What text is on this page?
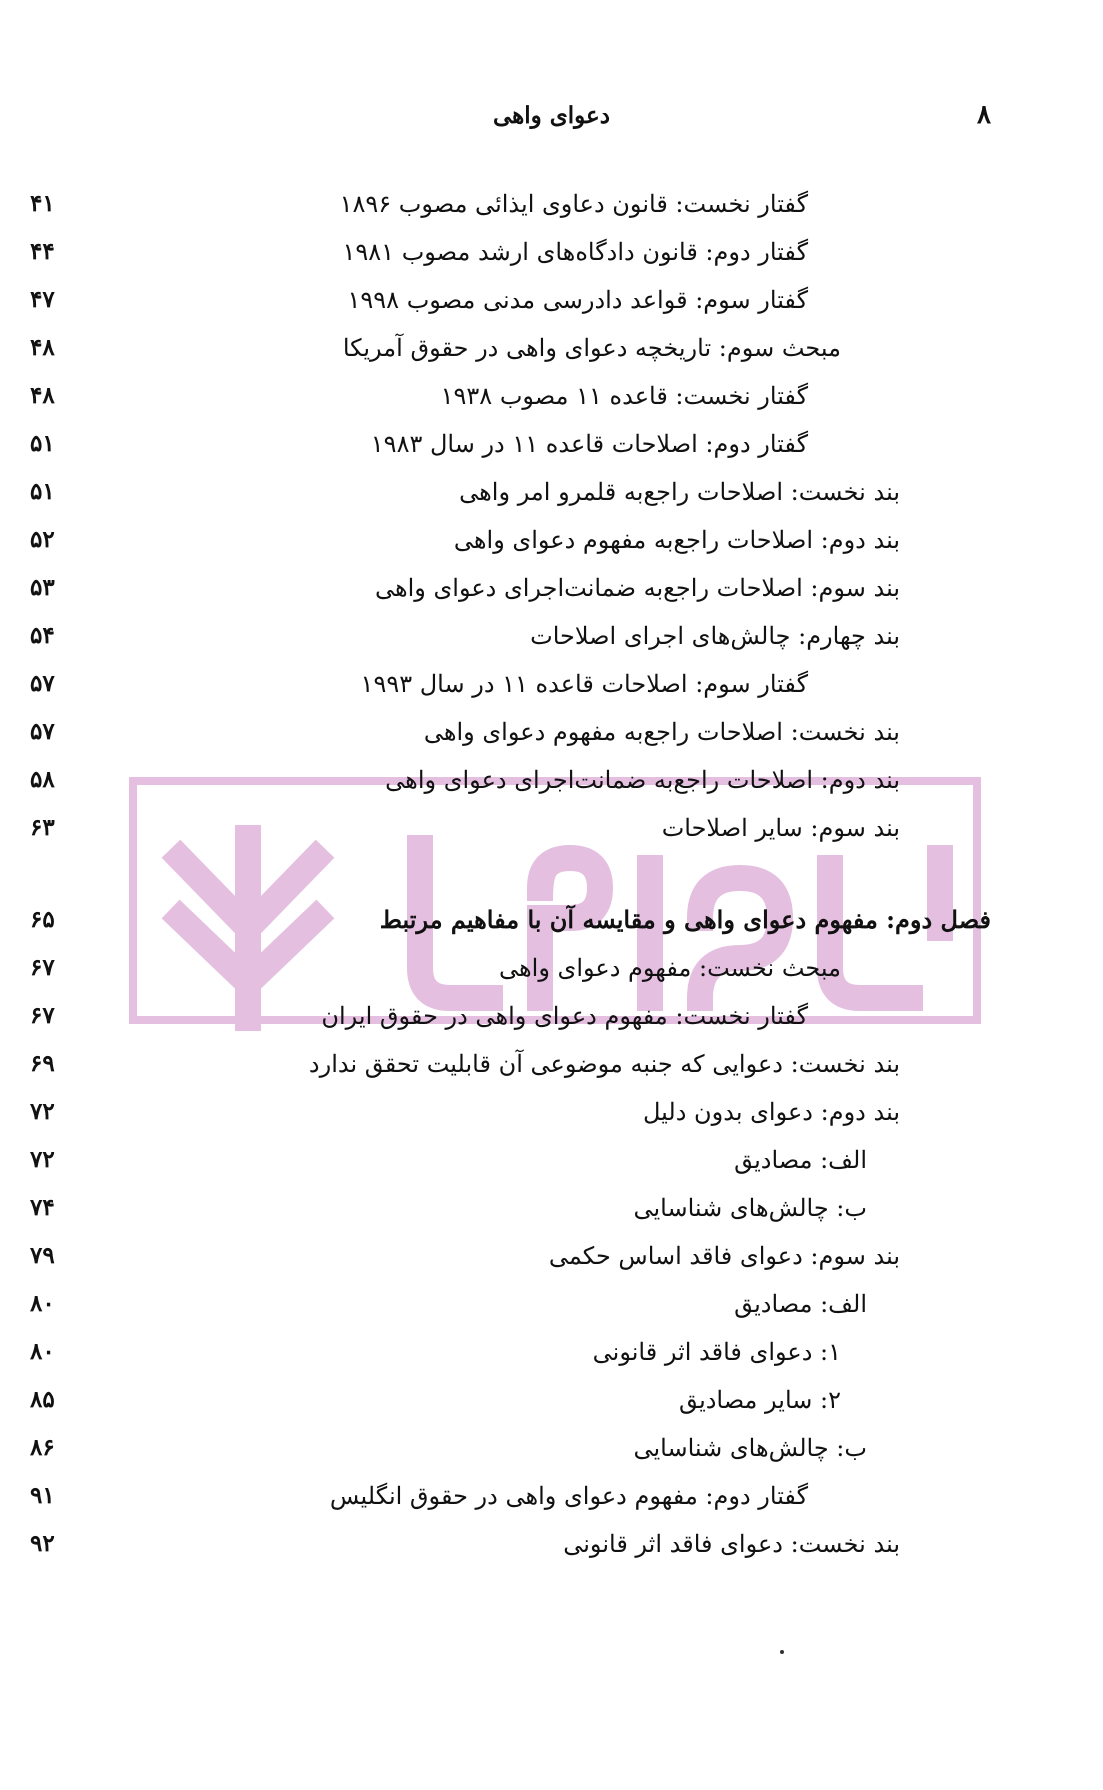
دعوای واهی	۸
گفتار نخست: قانون دعاوی ایذائی مصوب ۱۸۹۶
۴۱
گفتار دوم: قانون دادگاه‌های ارشد مصوب ۱۹۸۱
۴۴
گفتار سوم: قواعد دادرسی مدنی مصوب ۱۹۹۸
۴۷
مبحث سوم: تاریخچه دعوای واهی در حقوق آمریکا
۴۸
گفتار نخست: قاعده ۱۱ مصوب ۱۹۳۸
۴۸
گفتار دوم: اصلاحات قاعده ۱۱ در سال ۱۹۸۳
۵۱
بند نخست: اصلاحات راجع‌به قلمرو امر واهی
۵۱
بند دوم: اصلاحات راجع‌به مفهوم دعوای واهی
۵۲
بند سوم: اصلاحات راجع‌به ضمانت‌اجرای دعوای واهی
۵۳
بند چهارم: چالش‌های اجرای اصلاحات
۵۴
گفتار سوم: اصلاحات قاعده ۱۱ در سال ۱۹۹۳
۵۷
بند نخست: اصلاحات راجع‌به مفهوم دعوای واهی
۵۷
بند دوم: اصلاحات راجع‌به ضمانت‌اجرای دعوای واهی
۵۸
بند سوم: سایر اصلاحات
۶۳
فصل دوم: مفهوم دعوای واهی و مقایسه آن با مفاهیم مرتبط
۶۵
مبحث نخست: مفهوم دعوای واهی
۶۷
گفتار نخست: مفهوم دعوای واهی در حقوق ایران
۶۷
بند نخست: دعوایی که جنبه موضوعی آن قابلیت تحقق ندارد
۶۹
بند دوم: دعوای بدون دلیل
۷۲
الف: مصادیق
۷۲
ب: چالش‌های شناسایی
۷۴
بند سوم: دعوای فاقد اساس حکمی
۷۹
الف: مصادیق
۸۰
۱: دعوای فاقد اثر قانونی
۸۰
۲: سایر مصادیق
۸۵
ب: چالش‌های شناسایی
۸۶
گفتار دوم: مفهوم دعوای واهی در حقوق انگلیس
۹۱
بند نخست: دعوای فاقد اثر قانونی
۹۲
